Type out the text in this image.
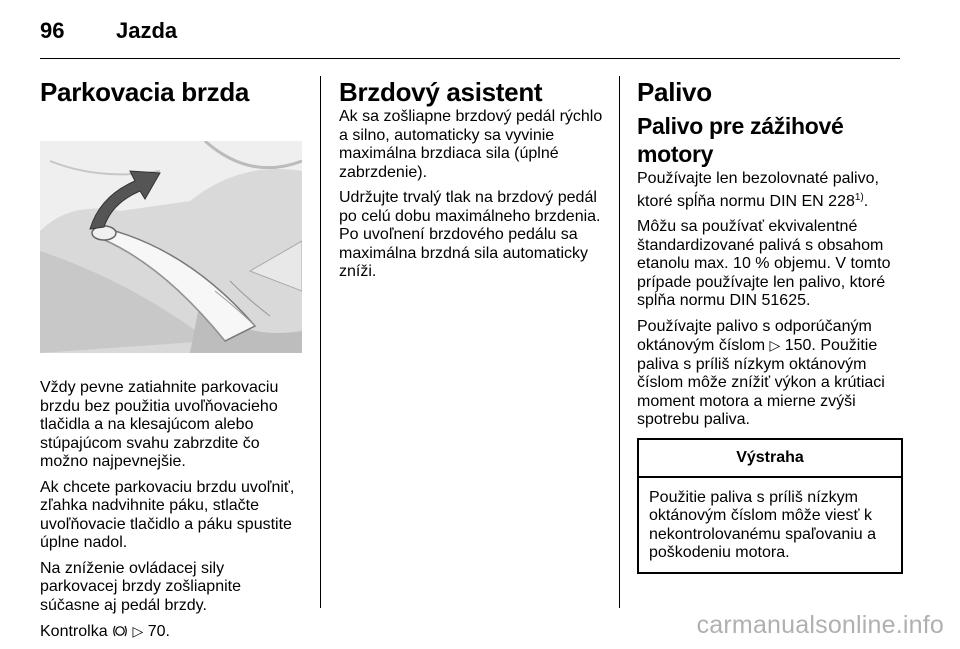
96 Jazda
Parkovacia brzda

Vždy pevne zatiahnite parkovaciu brzdu bez použitia uvoľňovacieho tlačidla a na klesajúcom alebo stúpajúcom svahu zabrzdite čo možno najpevnejšie.

Ak chcete parkovaciu brzdu uvoľniť, zľahka nadvihnite páku, stlačte uvoľňovacie tlačidlo a páku spustite úplne nadol.

Na zníženie ovládacej sily parkovacej brzdy zošliapnite súčasne aj pedál brzdy.

Kontrolka ▷ 70.

Brzdový asistent

Ak sa zošliapne brzdový pedál rýchlo a silno, automaticky sa vyvinie maximálna brzdiaca sila (úplné zabrzdenie).

Udržujte trvalý tlak na brzdový pedál po celú dobu maximálneho brzdenia. Po uvoľnení brzdového pedálu sa maximálna brzdná sila automaticky zníži.

Palivo
Palivo pre zážihové motory

Používajte len bezolovnaté palivo, ktoré spĺňa normu DIN EN 228$^{1)}$.

Môžu sa používať ekvivalentné štandardizované palivá s obsahom etanolu max. 10 % objemu. V tomto prípade používajte len palivo, ktoré spĺňa normu DIN 51625.

Používajte palivo s odporúčaným oktánovým číslom ▷ 150. Použitie paliva s príliš nízkym oktánovým číslom môže znížiť výkon a krútiaci moment motora a mierne zvýši spotrebu paliva.

Výstraha

Použitie paliva s príliš nízkym oktánovým číslom môže viesť k nekontrolovanému spaľovaniu a poškodeniu motora.

carmanualsonline.info
